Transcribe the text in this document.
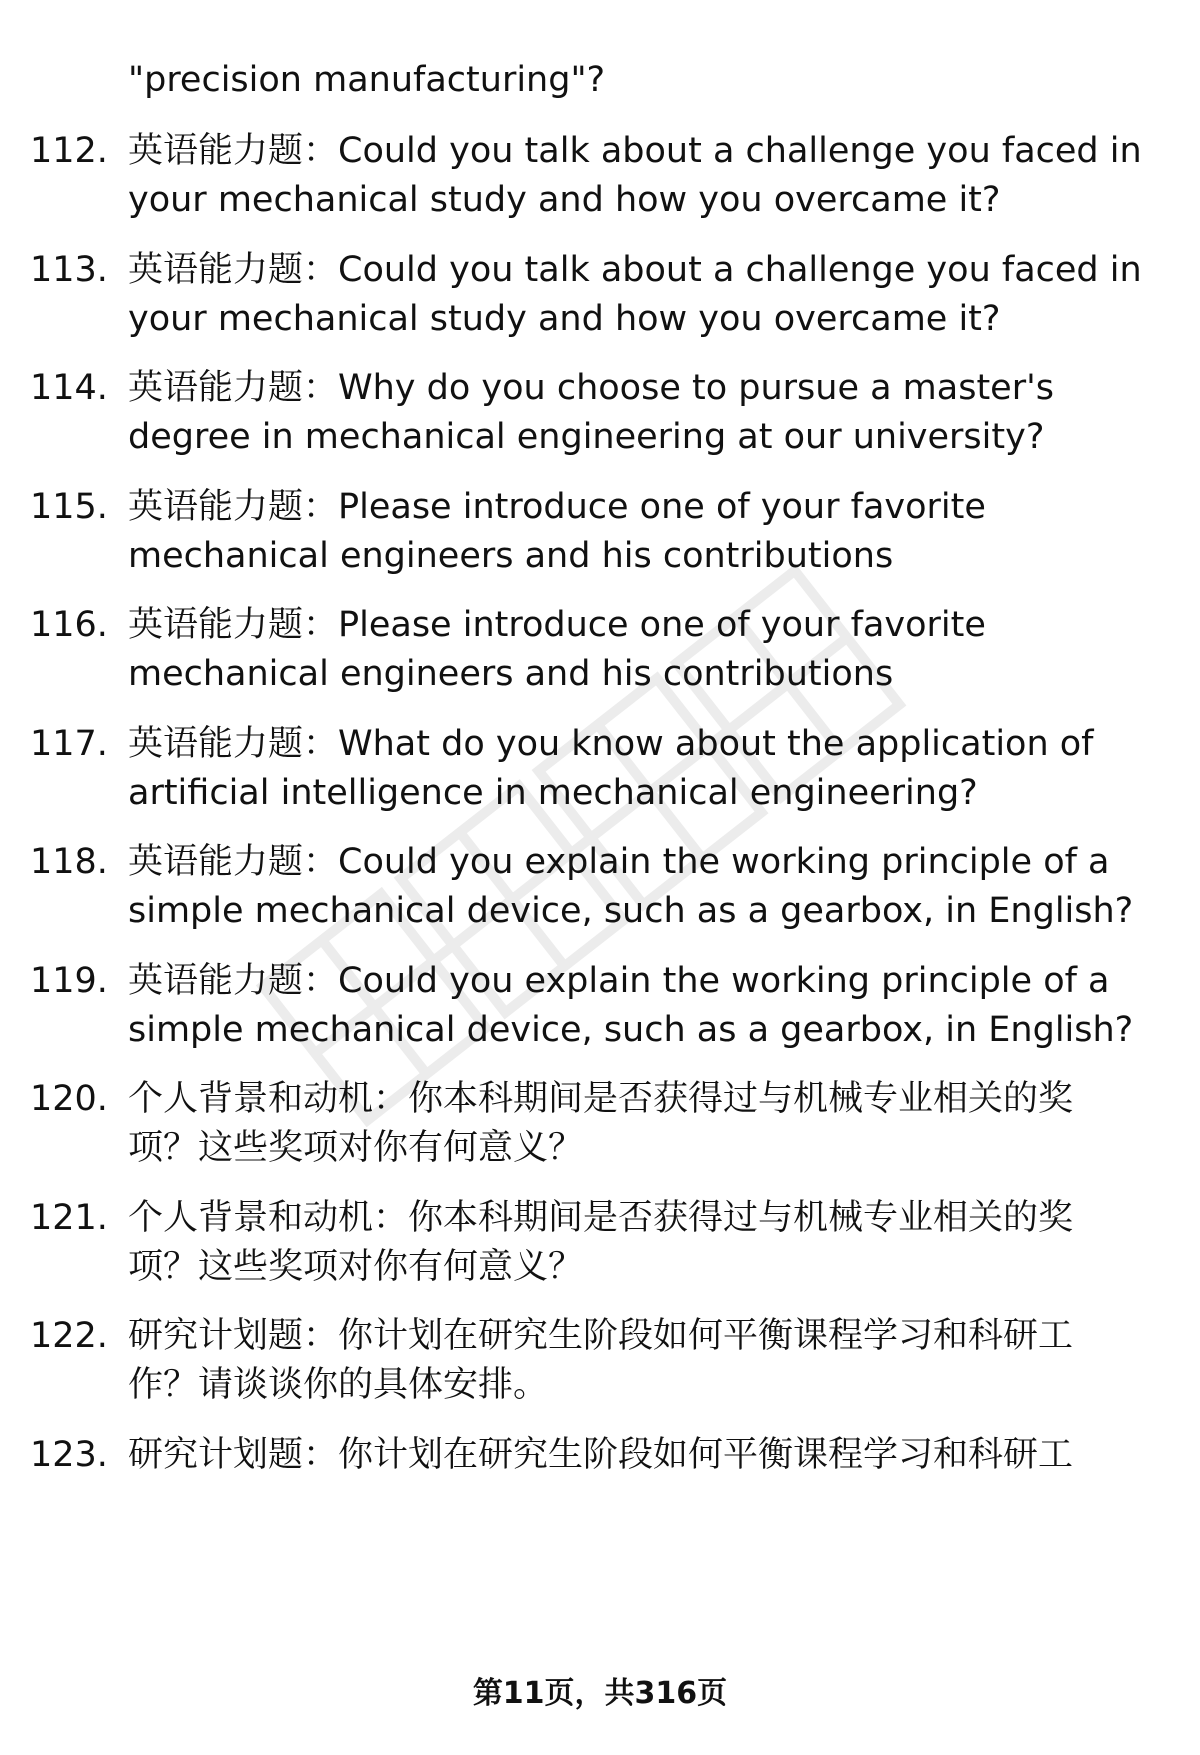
"precision manufacturing"?
112. 英语能力题：Could you talk about a challenge you faced in
your mechanical study and how you overcame it?
113. 英语能力题：Could you talk about a challenge you faced in
your mechanical study and how you overcame it?
114. 英语能力题：Why do you choose to pursue a master's
degree in mechanical engineering at our university?
115. 英语能力题：Please introduce one of your favorite
mechanical engineers and his contributions
116. 英语能力题：Please introduce one of your favorite
mechanical engineers and his contributions
117. 英语能力题：What do you know about the application of
artificial intelligence in mechanical engineering?
118. 英语能力题：Could you explain the working principle of a
simple mechanical device, such as a gearbox, in English?
119. 英语能力题：Could you explain the working principle of a
simple mechanical device, such as a gearbox, in English?
120. 个人背景和动机：你本科期间是否获得过与机械专业相关的奖
项？这些奖项对你有何意义？
121. 个人背景和动机：你本科期间是否获得过与机械专业相关的奖
项？这些奖项对你有何意义？
122. 研究计划题：你计划在研究生阶段如何平衡课程学习和科研工
作？请谈谈你的具体安排。
123. 研究计划题：你计划在研究生阶段如何平衡课程学习和科研工
第11页，共316页
